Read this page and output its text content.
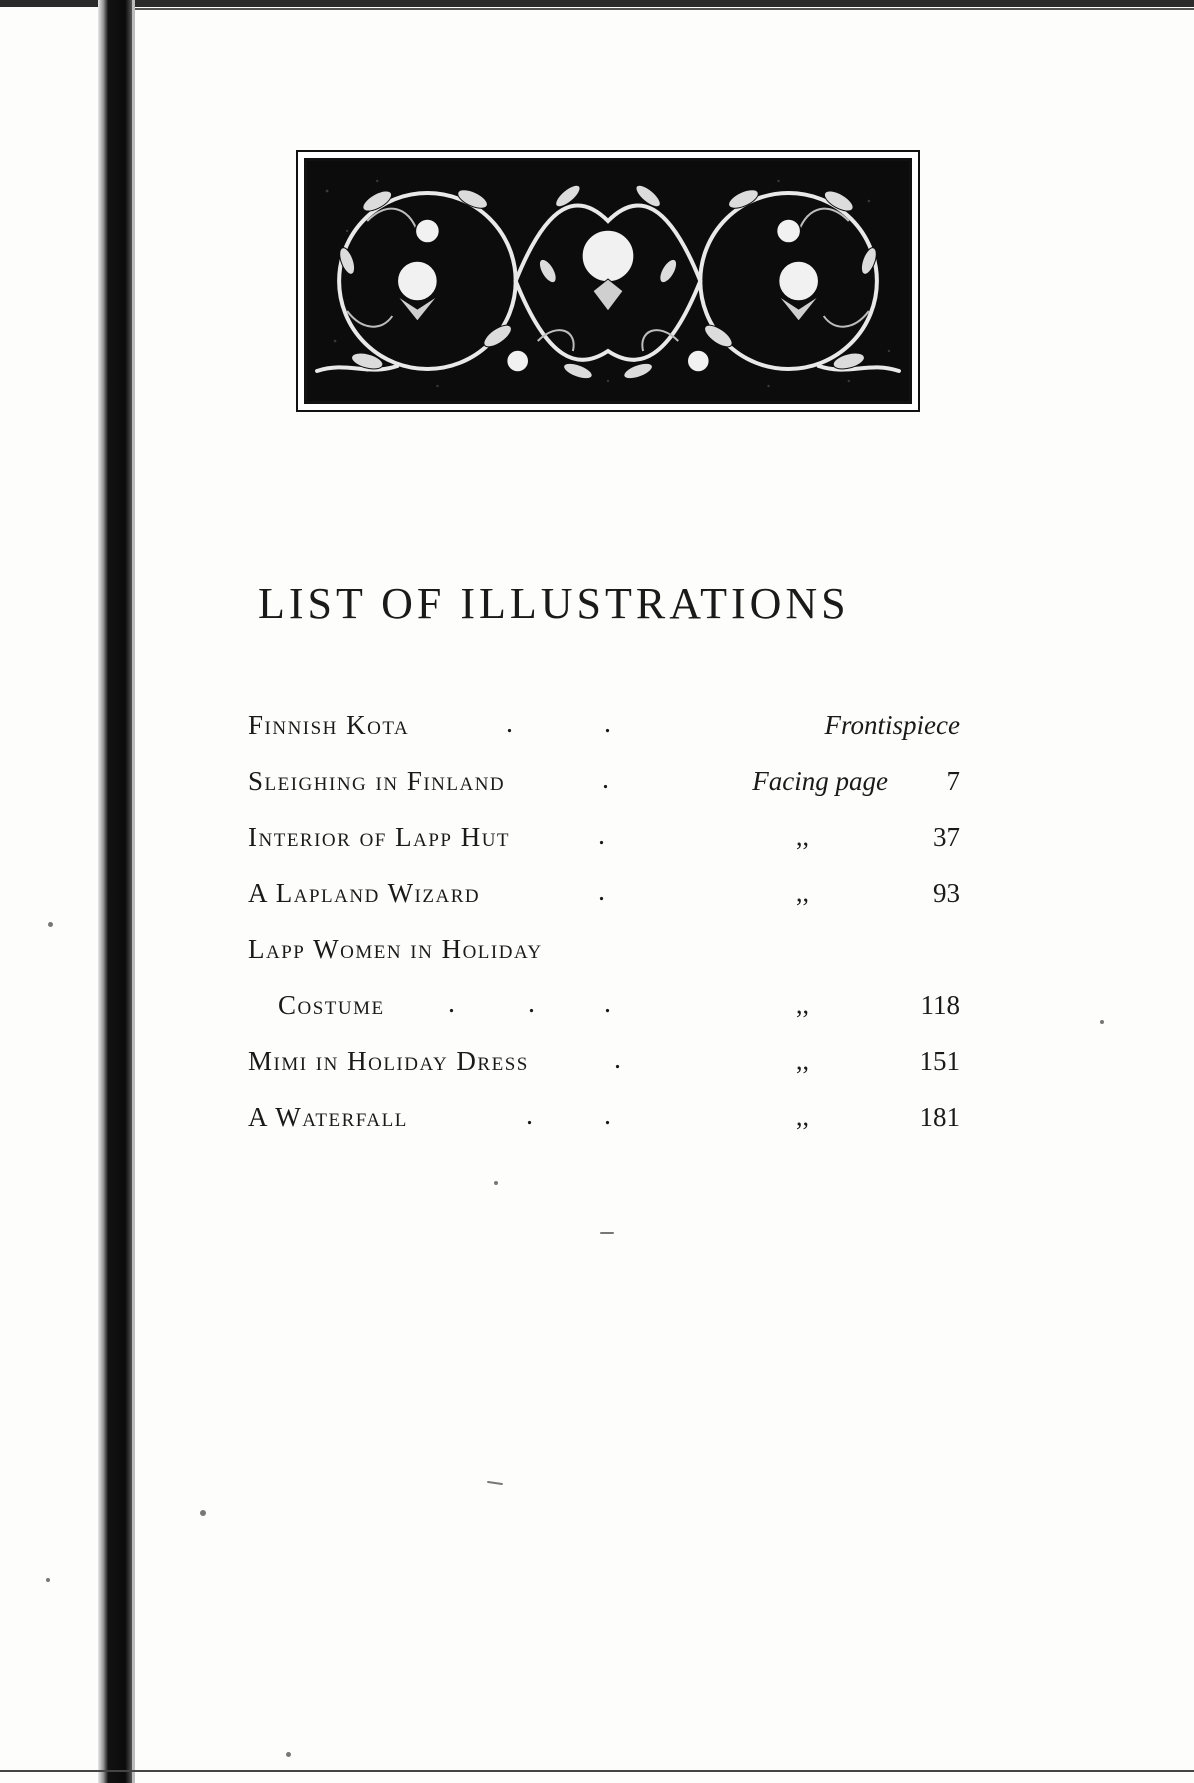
LIST OF ILLUSTRATIONS
Finnish Kota	.	.	Frontispiece
Sleighing in Finland	.	Facing page	7
Interior of Lapp Hut	.	,,	37
A Lapland Wizard	.	,,	93
Lapp Women in Holiday
Costume .	. .	,,	118
Mimi in Holiday Dress	.	,,	151
A Waterfall	.	.	,,	181
